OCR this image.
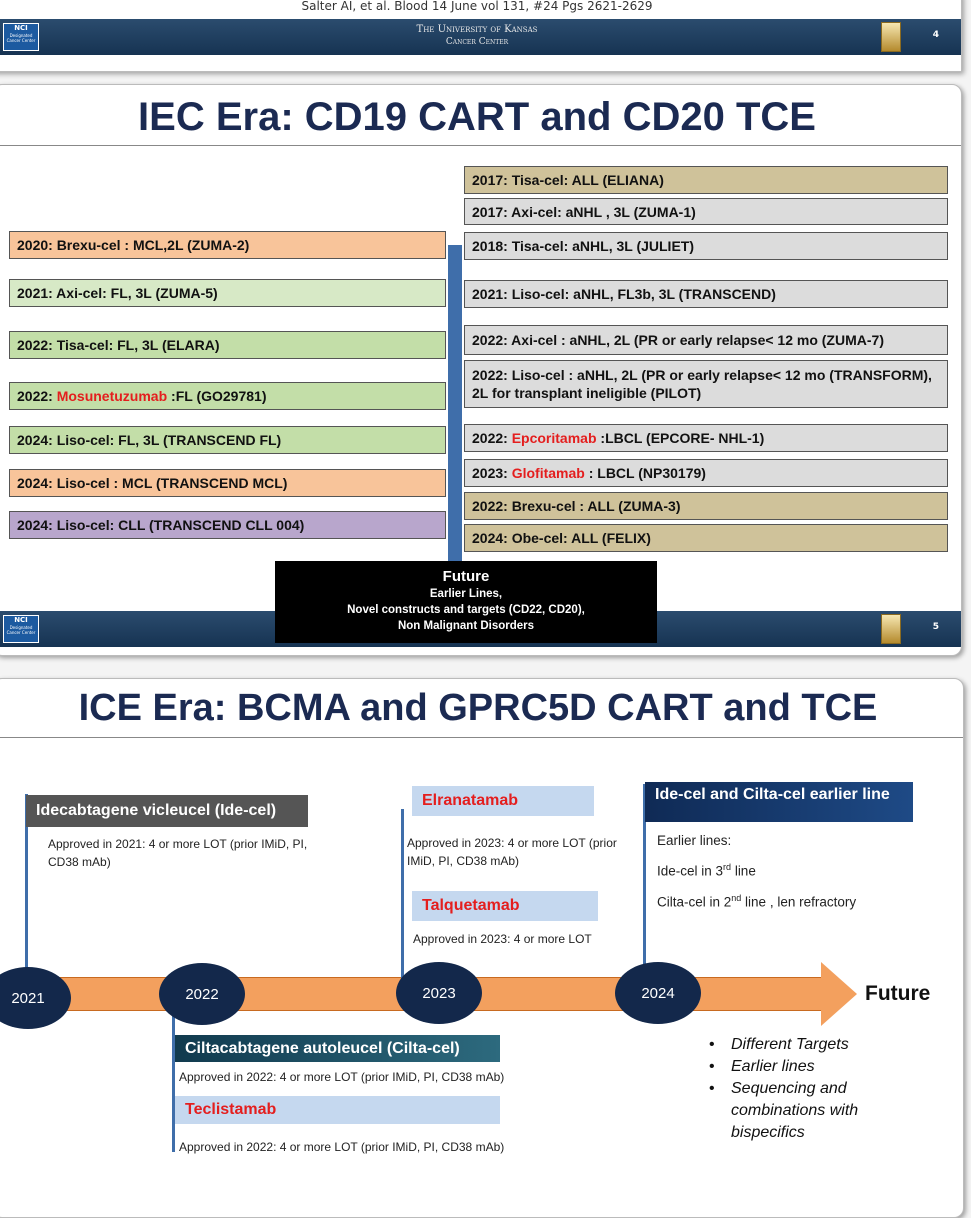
Salter AI, et al. Blood 14 June vol 131, #24 Pgs 2621-2629
NCI
Designated Cancer Center
The University of Kansas
Cancer Center
4
IEC Era: CD19 CART and CD20 TCE
2020: Brexu-cel : MCL,2L (ZUMA-2)
2021: Axi-cel: FL, 3L (ZUMA-5)
2022: Tisa-cel: FL, 3L (ELARA)
2022: Mosunetuzumab :FL (GO29781)
2024: Liso-cel: FL, 3L (TRANSCEND FL)
2024: Liso-cel : MCL (TRANSCEND MCL)
2024: Liso-cel: CLL (TRANSCEND CLL 004)
2017: Tisa-cel: ALL (ELIANA)
2017: Axi-cel: aNHL , 3L (ZUMA-1)
2018: Tisa-cel: aNHL, 3L (JULIET)
2021: Liso-cel: aNHL, FL3b, 3L (TRANSCEND)
2022: Axi-cel : aNHL, 2L (PR or early relapse< 12 mo (ZUMA-7)
2022: Liso-cel : aNHL, 2L (PR or early relapse< 12 mo (TRANSFORM), 2L for transplant ineligible (PILOT)
2022: Epcoritamab :LBCL (EPCORE- NHL-1)
2023: Glofitamab : LBCL (NP30179)
2022: Brexu-cel : ALL (ZUMA-3)
2024: Obe-cel: ALL (FELIX)
NCI
Designated Cancer Center
5
Future
Earlier Lines,
Novel constructs and targets (CD22, CD20),
Non Malignant Disorders
ICE Era: BCMA and GPRC5D CART and TCE
Future
2021	2022	2023	2024
Idecabtagene vicleucel (Ide-cel)
Approved in 2021: 4 or more LOT (prior IMiD, PI, CD38 mAb)
Ciltacabtagene autoleucel (Cilta-cel)
Approved in 2022: 4 or more LOT (prior IMiD, PI, CD38 mAb)
Teclistamab
Approved in 2022: 4 or more LOT (prior IMiD, PI, CD38 mAb)
Elranatamab
Approved in 2023: 4 or more LOT (prior IMiD, PI, CD38 mAb)
Talquetamab
Approved in 2023: 4 or more LOT
Ide-cel and Cilta-cel earlier line
Earlier lines:
Ide-cel in 3rd line
Cilta-cel in 2nd line , len refractory
• Different Targets
• Earlier lines
• Sequencing and combinations with bispecifics
